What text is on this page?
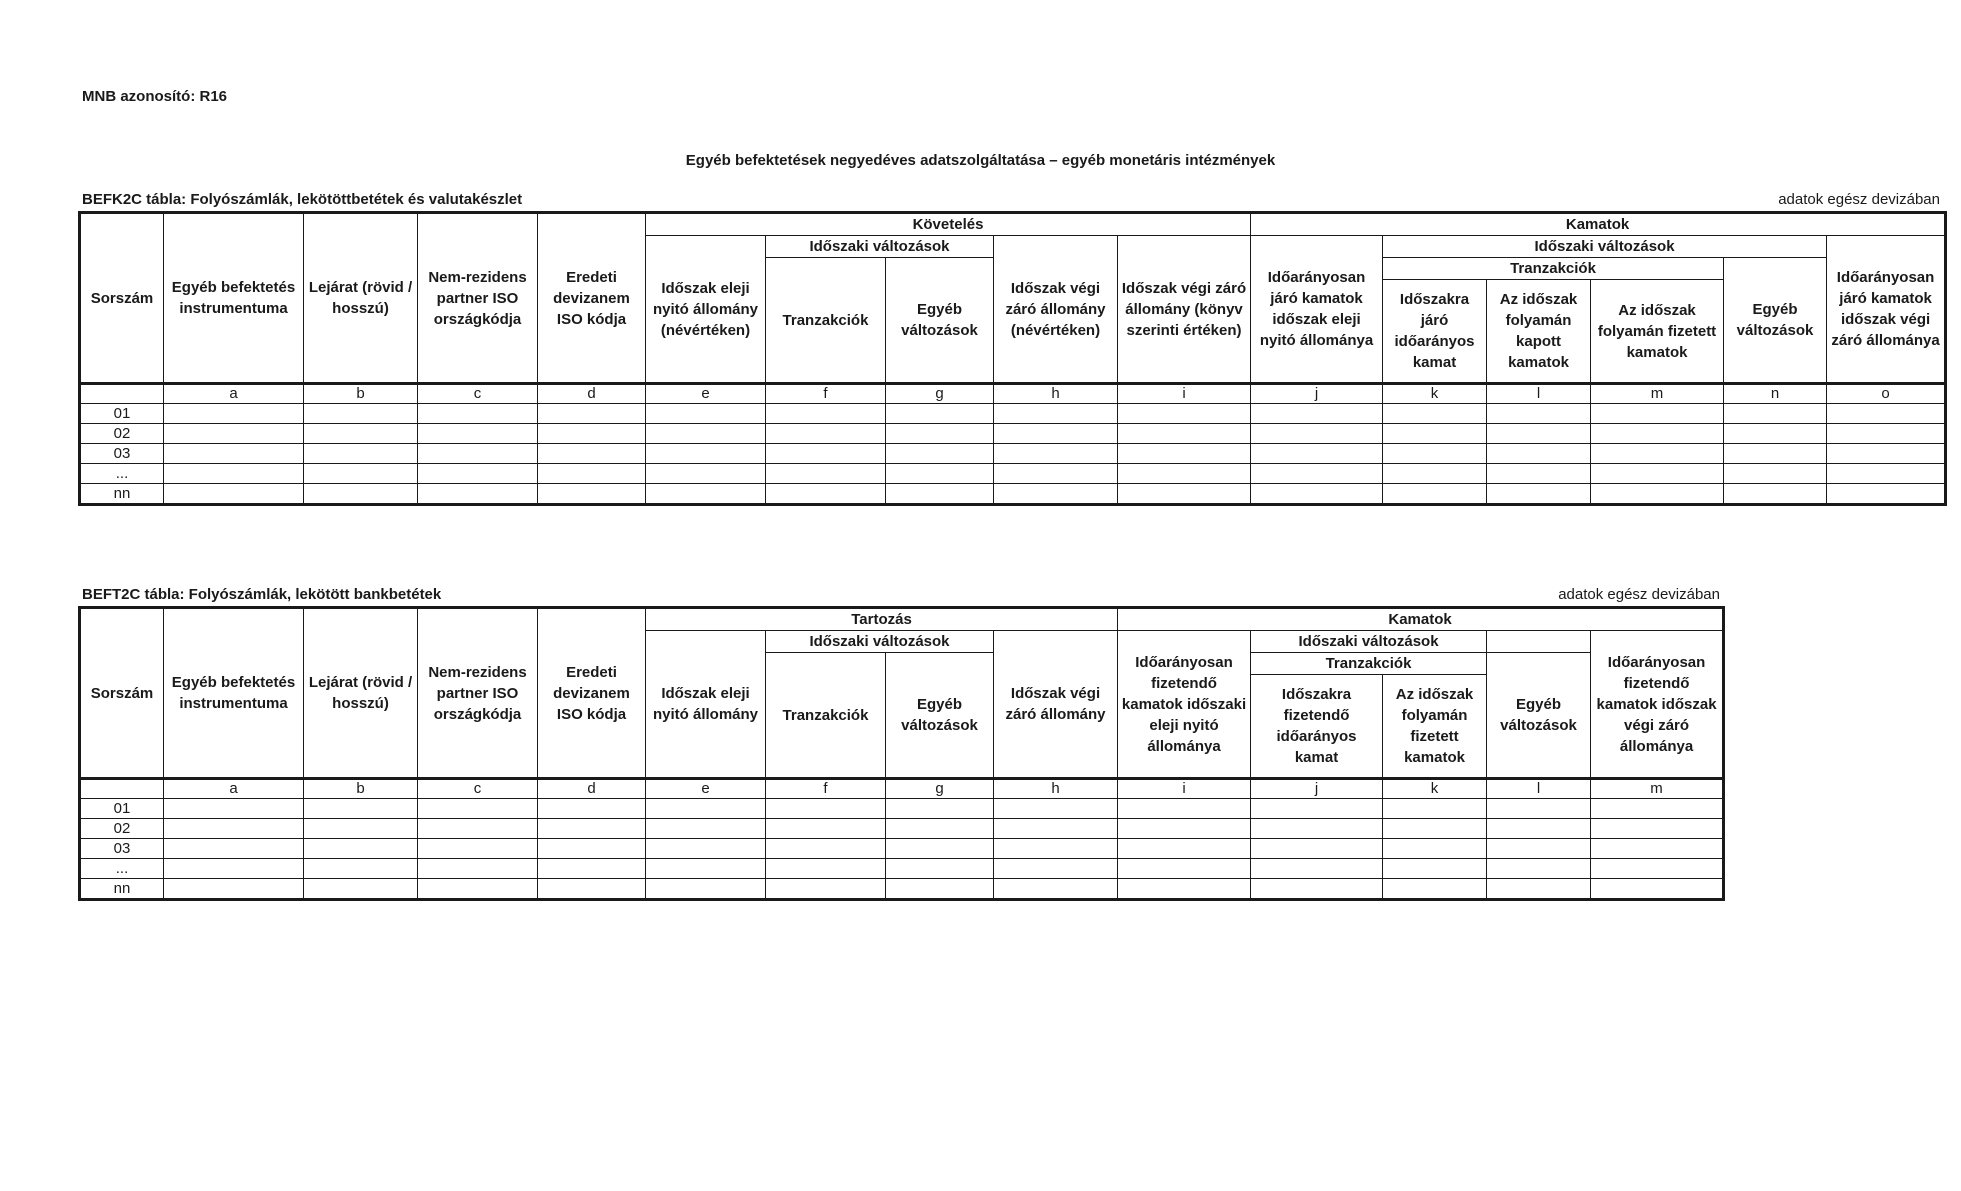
MNB azonosító: R16
Egyéb befektetések negyedéves adatszolgáltatása – egyéb monetáris intézmények
BEFK2C tábla: Folyószámlák, lekötöttbetétek és valutakészlet	adatok egész devizában
Sorszám	Egyéb befektetés instrumentuma	Lejárat (rövid / hosszú)	Nem-rezidens partner ISO országkódja	Eredeti devizanem ISO kódja	Követelés					Kamatok					
					Időszak eleji nyitó állomány (névértéken)	Időszaki változások		Időszak végi záró állomány (névértéken)	Időszak végi záró állomány (könyv szerinti értéken)	Időarányosan járó kamatok időszak eleji nyitó állománya	Időszaki változások				Időarányosan járó kamatok időszak végi záró állománya
						Tranzakciók	Egyéb változások				Tranzakciók			Egyéb változások	
											Időszakra járó időarányos kamat	Az időszak folyamán kapott kamatok	Az időszak folyamán fizetett kamatok		
	a	b	c	d	e	f	g	h	i	j	k	l	m	n	o
01															
02															
03															
...															
nn															
BEFT2C tábla: Folyószámlák, lekötött bankbetétek	adatok egész devizában
Sorszám	Egyéb befektetés instrumentuma	Lejárat (rövid / hosszú)	Nem-rezidens partner ISO országkódja	Eredeti devizanem ISO kódja	Tartozás				Kamatok				
					Időszak eleji nyitó állomány	Időszaki változások		Időszak végi záró állomány	Időarányosan fizetendő kamatok időszaki eleji nyitó állománya	Időszaki változások			Időarányosan fizetendő kamatok időszak végi záró állománya
						Tranzakciók	Egyéb változások			Tranzakciók		Egyéb változások	
										Időszakra fizetendő időarányos kamat	Az időszak folyamán fizetett kamatok		
	a	b	c	d	e	f	g	h	i	j	k	l	m
01													
02													
03													
...													
nn													
